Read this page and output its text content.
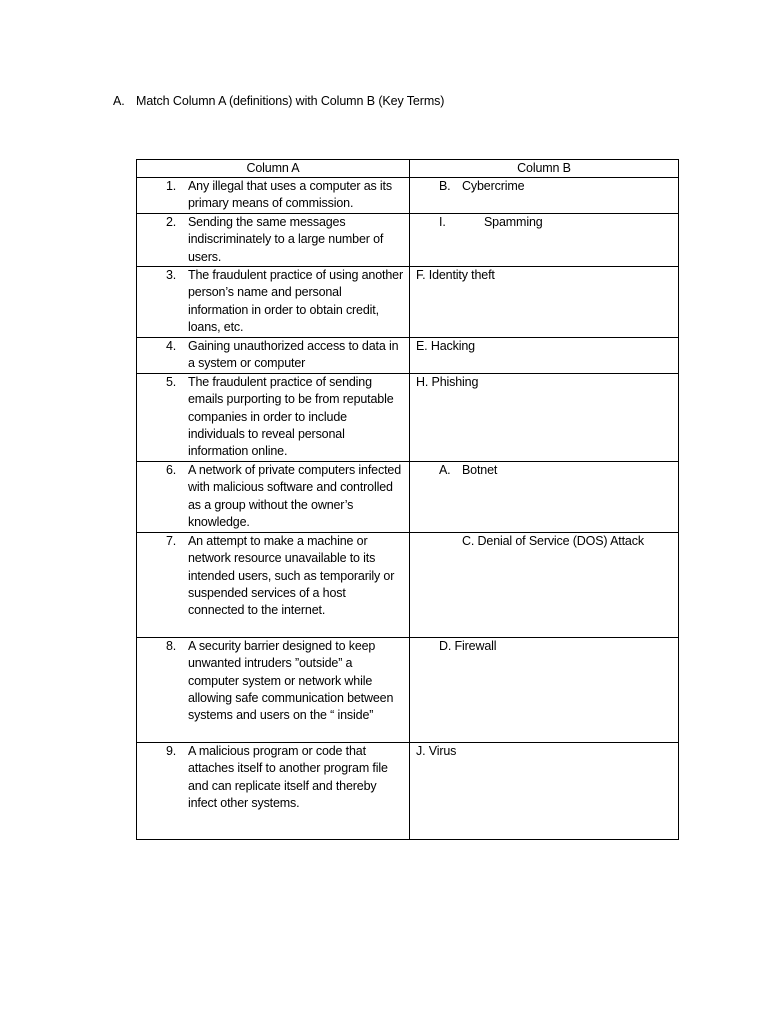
A. Match Column A (definitions) with Column B (Key Terms)
Column A	Column B

1. Any illegal that uses a computer as its primary means of commission.	B. Cybercrime

2. Sending the same messages indiscriminately to a large number of users.	I. Spamming

3. The fraudulent practice of using another person’s name and personal information in order to obtain credit, loans, etc.	F. Identity theft

4. Gaining unauthorized access to data in a system or computer	E. Hacking

5. The fraudulent practice of sending emails purporting to be from reputable companies in order to include individuals to reveal personal information online.	H. Phishing

6. A network of private computers infected with malicious software and controlled as a group without the owner’s knowledge.	A. Botnet

7. An attempt to make a machine or network resource unavailable to its intended users, such as temporarily or suspended services of a host connected to the internet.	C. Denial of Service (DOS) Attack

8. A security barrier designed to keep unwanted intruders ”outside” a computer system or network while allowing safe communication between systems and users on the “ inside”	D. Firewall

9. A malicious program or code that attaches itself to another program file and can replicate itself and thereby infect other systems.	J. Virus
